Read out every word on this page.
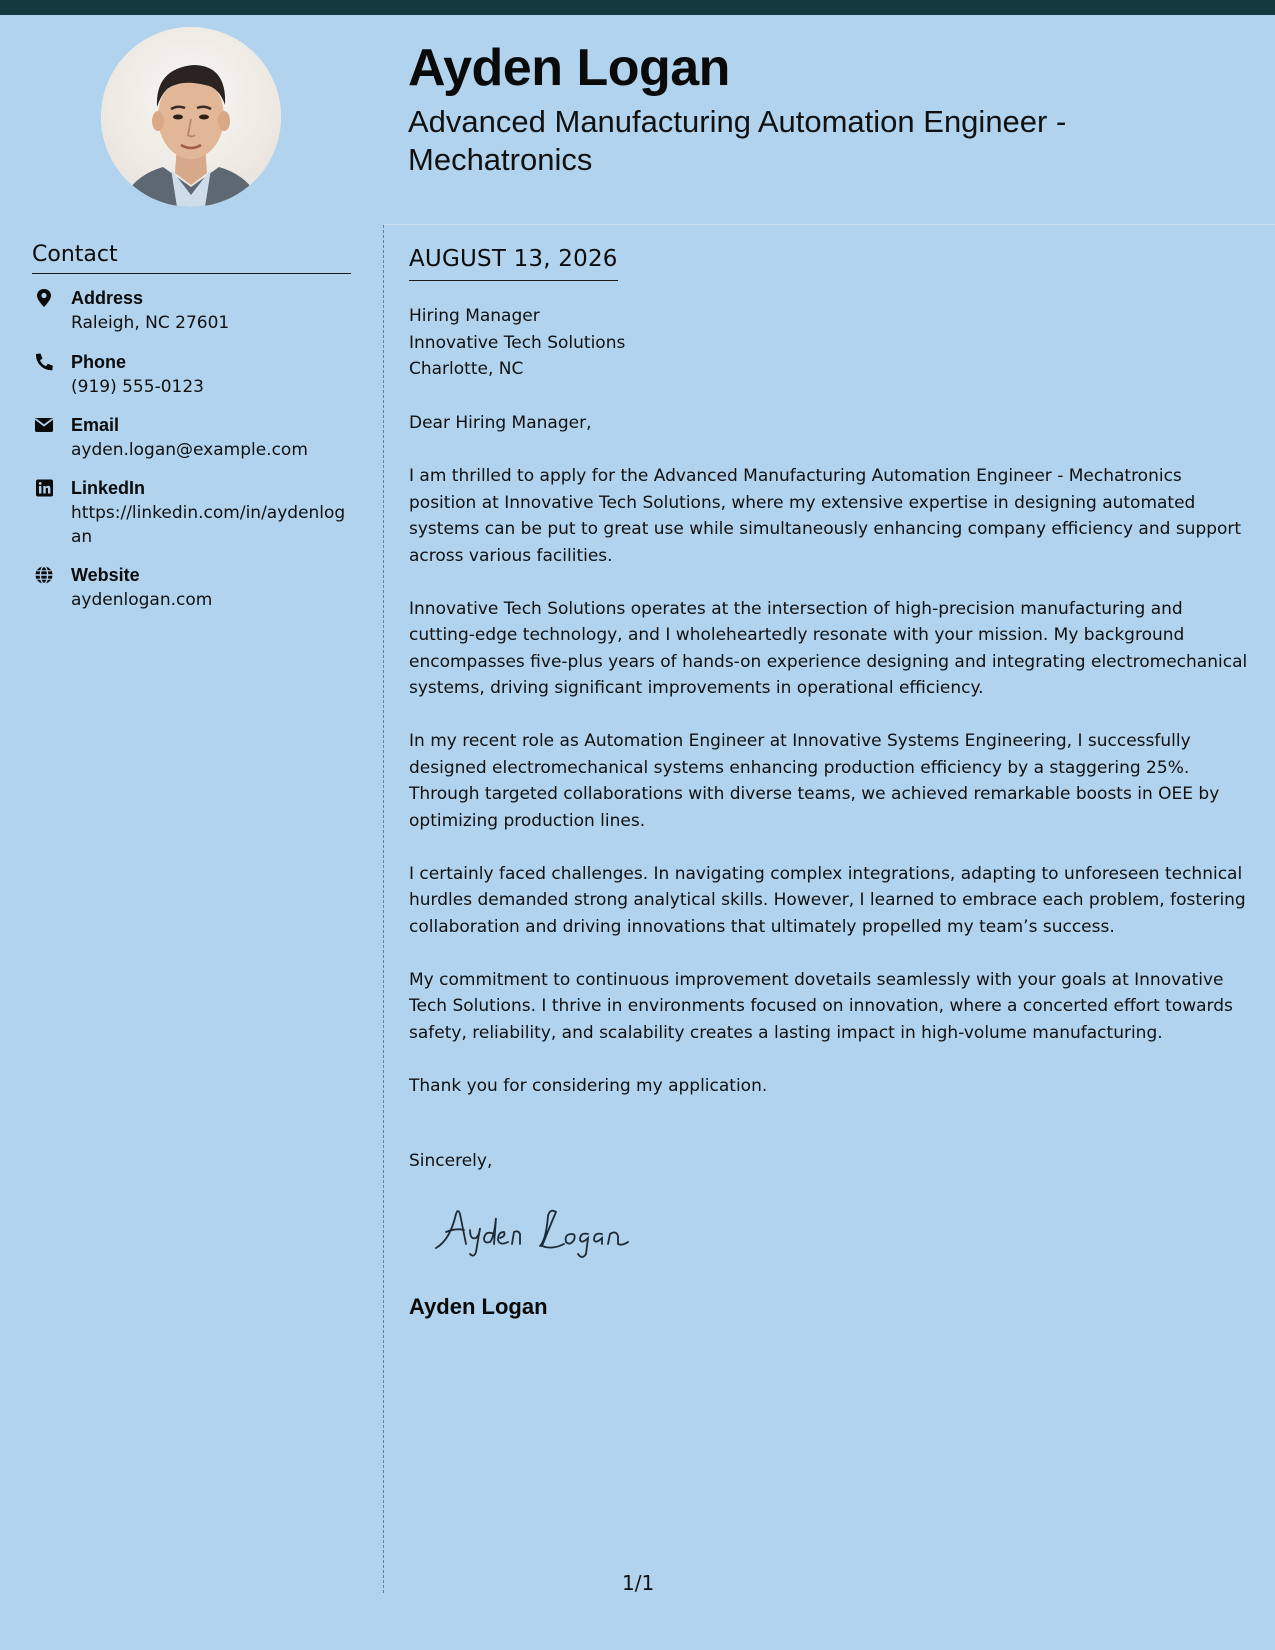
Ayden Logan
Advanced Manufacturing Automation Engineer - Mechatronics
Contact
Address
Raleigh, NC 27601
Phone
(919) 555-0123
Email
ayden.logan@example.com
LinkedIn
https://linkedin.com/in/aydenlogan
Website
aydenlogan.com
AUGUST 13, 2026
Hiring Manager
Innovative Tech Solutions
Charlotte, NC

Dear Hiring Manager,

I am thrilled to apply for the Advanced Manufacturing Automation Engineer - Mechatronics position at Innovative Tech Solutions, where my extensive expertise in designing automated systems can be put to great use while simultaneously enhancing company efficiency and support across various facilities.

Innovative Tech Solutions operates at the intersection of high-precision manufacturing and cutting-edge technology, and I wholeheartedly resonate with your mission. My background encompasses five-plus years of hands-on experience designing and integrating electromechanical systems, driving significant improvements in operational efficiency.

In my recent role as Automation Engineer at Innovative Systems Engineering, I successfully designed electromechanical systems enhancing production efficiency by a staggering 25%. Through targeted collaborations with diverse teams, we achieved remarkable boosts in OEE by optimizing production lines.

I certainly faced challenges. In navigating complex integrations, adapting to unforeseen technical hurdles demanded strong analytical skills. However, I learned to embrace each problem, fostering collaboration and driving innovations that ultimately propelled my team’s success.

My commitment to continuous improvement dovetails seamlessly with your goals at Innovative Tech Solutions. I thrive in environments focused on innovation, where a concerted effort towards safety, reliability, and scalability creates a lasting impact in high-volume manufacturing.

Thank you for considering my application.

Sincerely,
Ayden Logan
1/1
